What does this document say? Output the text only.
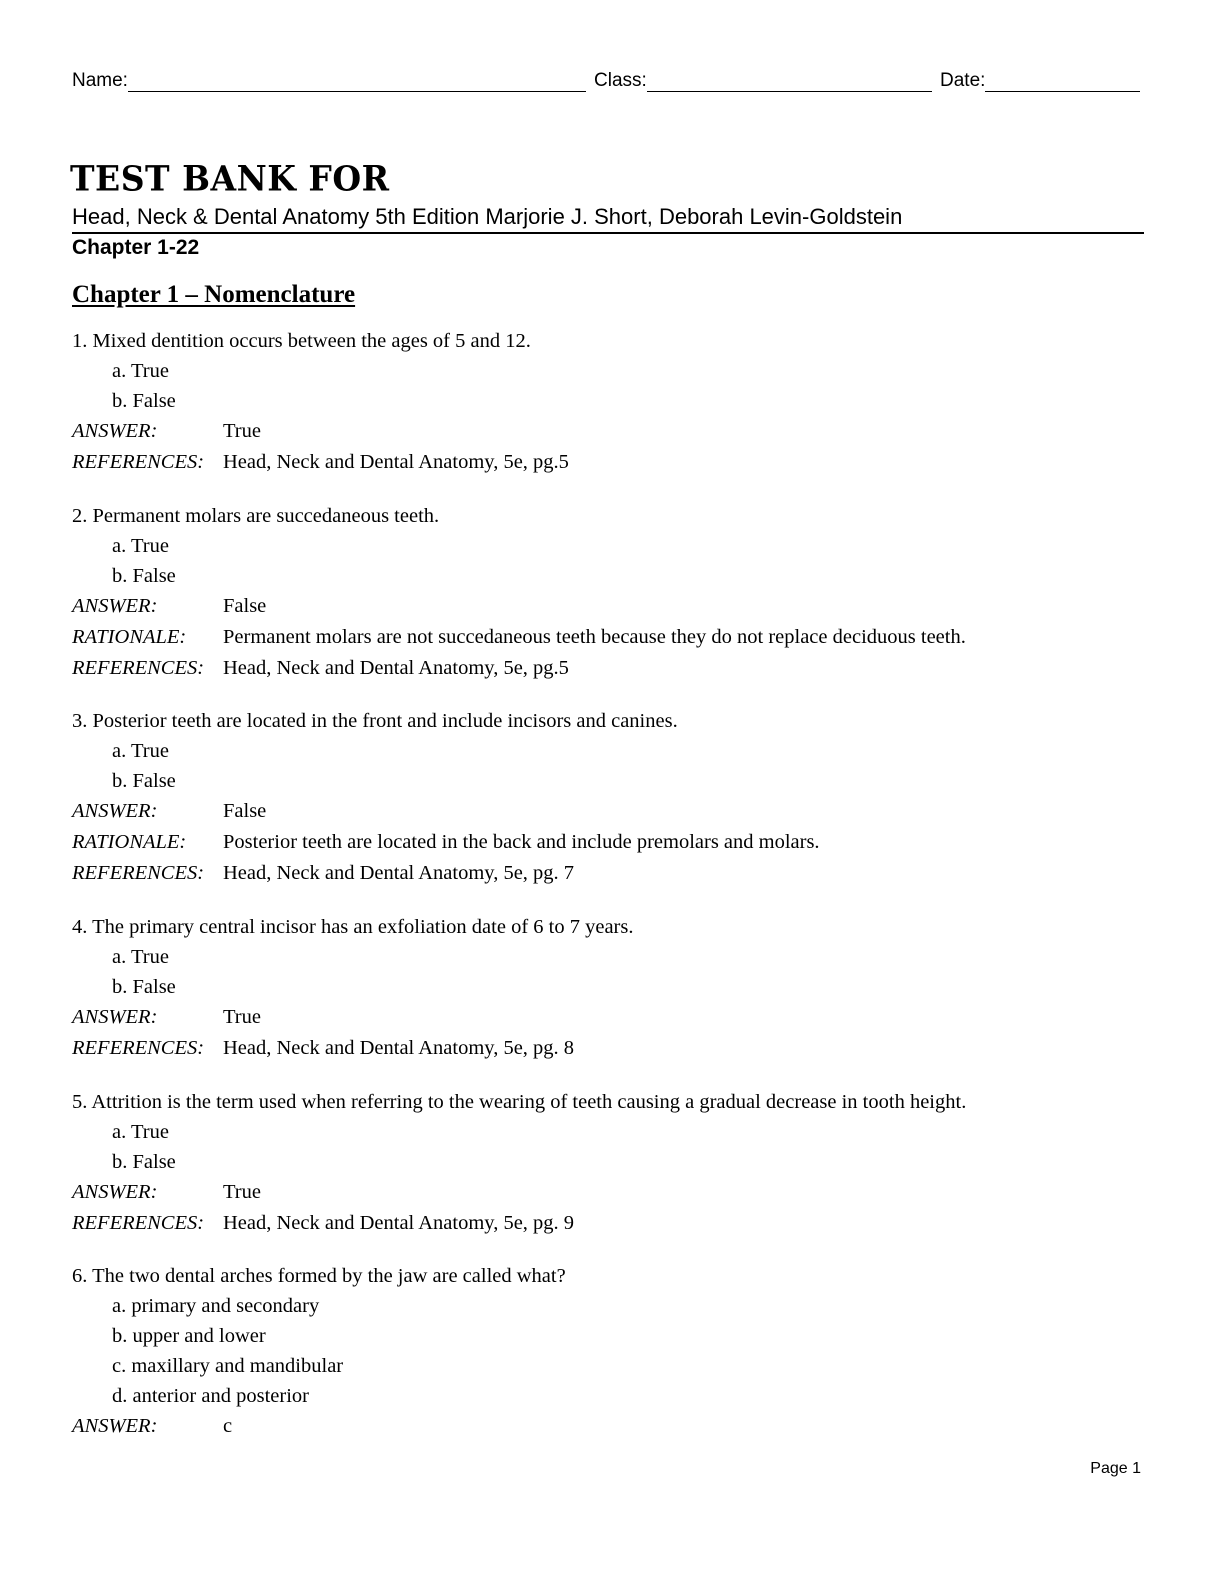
Name:	Class:	Date:
TEST BANK FOR
Head, Neck & Dental Anatomy 5th Edition Marjorie J. Short, Deborah Levin-Goldstein
Chapter 1-22
Chapter 1 – Nomenclature
1. Mixed dentition occurs between the ages of 5 and 12.
a. True
b. False
ANSWER:	True
REFERENCES: Head, Neck and Dental Anatomy, 5e, pg.5
2. Permanent molars are succedaneous teeth.
a. True
b. False
ANSWER:	False
RATIONALE:	Permanent molars are not succedaneous teeth because they do not replace deciduous teeth.
REFERENCES: Head, Neck and Dental Anatomy, 5e, pg.5
3. Posterior teeth are located in the front and include incisors and canines.
a. True
b. False
ANSWER:	False
RATIONALE:	Posterior teeth are located in the back and include premolars and molars.
REFERENCES: Head, Neck and Dental Anatomy, 5e, pg. 7
4. The primary central incisor has an exfoliation date of 6 to 7 years.
a. True
b. False
ANSWER:	True
REFERENCES: Head, Neck and Dental Anatomy, 5e, pg. 8
5. Attrition is the term used when referring to the wearing of teeth causing a gradual decrease in tooth height.
a. True
b. False
ANSWER:	True
REFERENCES: Head, Neck and Dental Anatomy, 5e, pg. 9
6. The two dental arches formed by the jaw are called what?
a. primary and secondary
b. upper and lower
c. maxillary and mandibular
d. anterior and posterior
ANSWER:	c
Page 1
